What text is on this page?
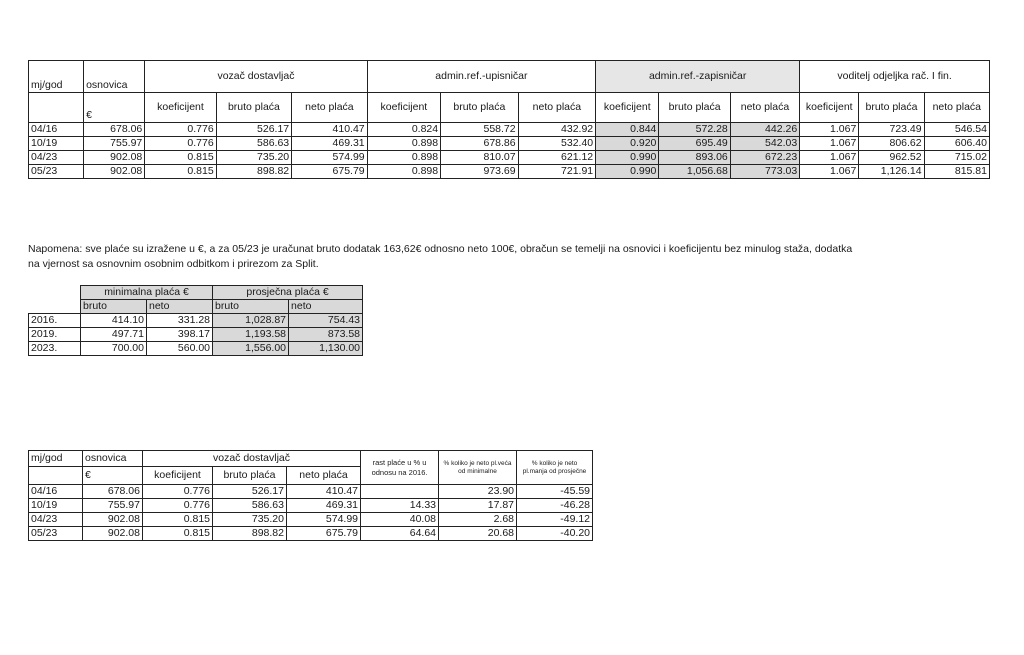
mj/god	osnovica	vozač dostavljač			admin.ref.-upisničar			admin.ref.-zapisničar			voditelj odjeljka rač. I fin.		
	€	koeficijent	bruto plaća	neto plaća	koeficijent	bruto plaća	neto plaća	koeficijent	bruto plaća	neto plaća	koeficijent	bruto plaća	neto plaća
04/16	678.06	0.776	526.17	410.47	0.824	558.72	432.92	0.844	572.28	442.26	1.067	723.49	546.54
10/19	755.97	0.776	586.63	469.31	0.898	678.86	532.40	0.920	695.49	542.03	1.067	806.62	606.40
04/23	902.08	0.815	735.20	574.99	0.898	810.07	621.12	0.990	893.06	672.23	1.067	962.52	715.02
05/23	902.08	0.815	898.82	675.79	0.898	973.69	721.91	0.990	1,056.68	773.03	1.067	1,126.14	815.81
Napomena: sve plaće su izražene u €, a za 05/23 je uračunat bruto dodatak 163,62€ odnosno neto 100€, obračun se temelji na osnovici i koeficijentu bez minulog staža, dodatka
na vjernost sa osnovnim osobnim odbitkom i prirezom za Split.
	minimalna plaća €		prosječna plaća €	
	bruto	neto	bruto	neto
2016.	414.10	331.28	1,028.87	754.43
2019.	497.71	398.17	1,193.58	873.58
2023.	700.00	560.00	1,556.00	1,130.00
mj/god	osnovica	vozač dostavljač			rast plaće u % u odnosu na 2016.	% koliko je neto pl.veća od minimalne	% koliko je neto pl.manja od prosječne
	€	koeficijent	bruto plaća	neto plaća			
04/16	678.06	0.776	526.17	410.47		23.90	-45.59
10/19	755.97	0.776	586.63	469.31	14.33	17.87	-46.28
04/23	902.08	0.815	735.20	574.99	40.08	2.68	-49.12
05/23	902.08	0.815	898.82	675.79	64.64	20.68	-40.20
